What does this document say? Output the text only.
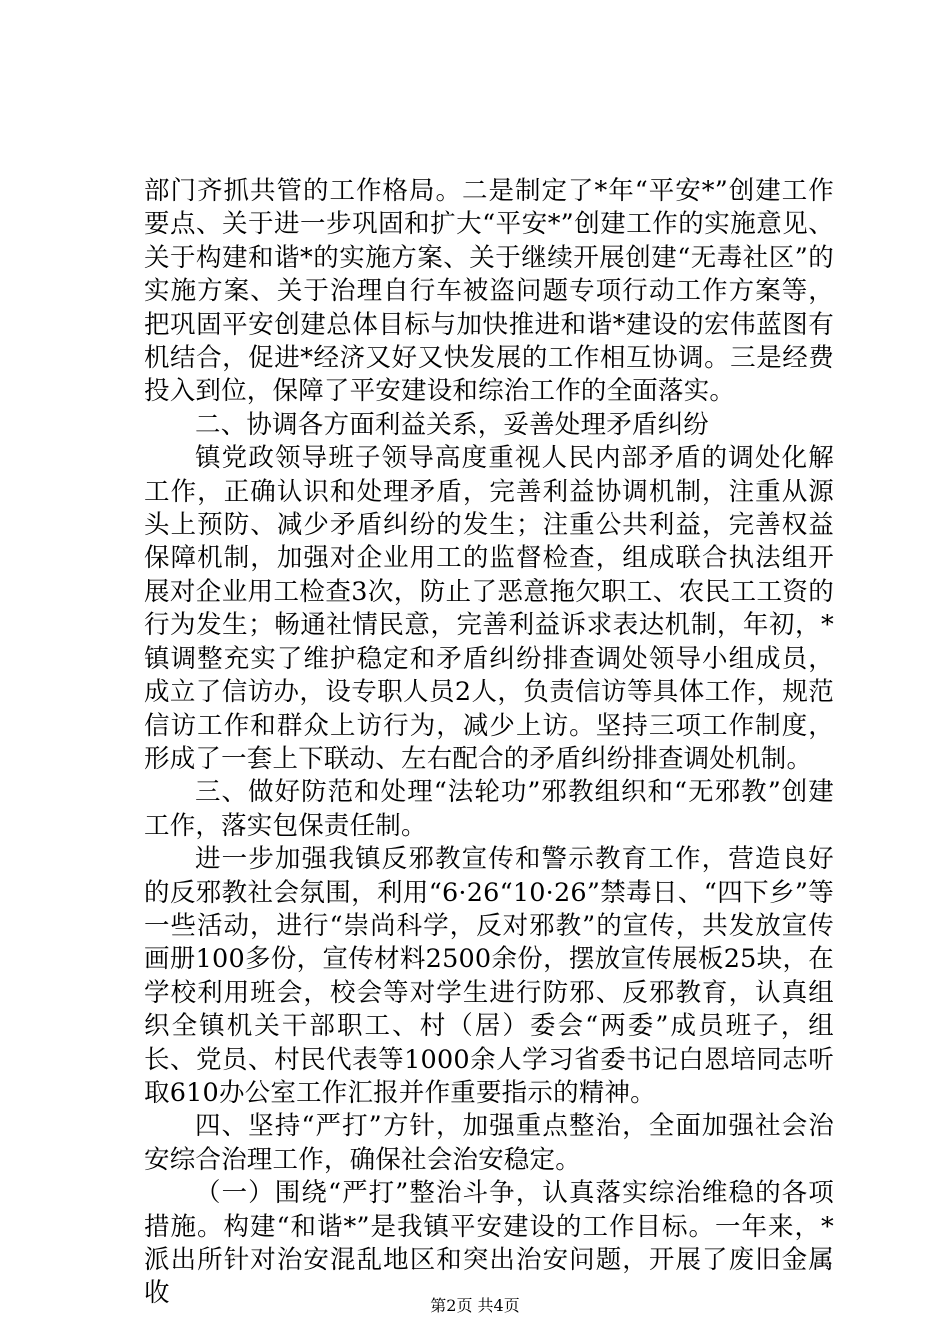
部门齐抓共管的工作格局。二是制定了*年“平安*”创建工作要点、关于进一步巩固和扩大“平安*”创建工作的实施意见、关于构建和谐*的实施方案、关于继续开展创建“无毒社区”的实施方案、关于治理自行车被盗问题专项行动工作方案等，把巩固平安创建总体目标与加快推进和谐*建设的宏伟蓝图有机结合，促进*经济又好又快发展的工作相互协调。三是经费投入到位，保障了平安建设和综治工作的全面落实。

二、协调各方面利益关系，妥善处理矛盾纠纷

镇党政领导班子领导高度重视人民内部矛盾的调处化解工作，正确认识和处理矛盾，完善利益协调机制，注重从源头上预防、减少矛盾纠纷的发生；注重公共利益，完善权益保障机制，加强对企业用工的监督检查，组成联合执法组开展对企业用工检查3次，防止了恶意拖欠职工、农民工工资的行为发生；畅通社情民意，完善利益诉求表达机制，年初，*镇调整充实了维护稳定和矛盾纠纷排查调处领导小组成员，成立了信访办，设专职人员2人，负责信访等具体工作，规范信访工作和群众上访行为，减少上访。坚持三项工作制度，形成了一套上下联动、左右配合的矛盾纠纷排查调处机制。

三、做好防范和处理“法轮功”邪教组织和“无邪教”创建工作，落实包保责任制。

进一步加强我镇反邪教宣传和警示教育工作，营造良好的反邪教社会氛围，利用“6·26“10·26”禁毒日、“四下乡”等一些活动，进行“崇尚科学，反对邪教”的宣传，共发放宣传画册100多份，宣传材料2500余份，摆放宣传展板25块，在学校利用班会，校会等对学生进行防邪、反邪教育，认真组织全镇机关干部职工、村（居）委会“两委”成员班子，组长、党员、村民代表等1000余人学习省委书记白恩培同志听取610办公室工作汇报并作重要指示的精神。

四、坚持“严打”方针，加强重点整治，全面加强社会治安综合治理工作，确保社会治安稳定。

（一）围绕“严打”整治斗争，认真落实综治维稳的各项措施。构建“和谐*”是我镇平安建设的工作目标。一年来，*派出所针对治安混乱地区和突出治安问题，开展了废旧金属收	第2页 共4页
